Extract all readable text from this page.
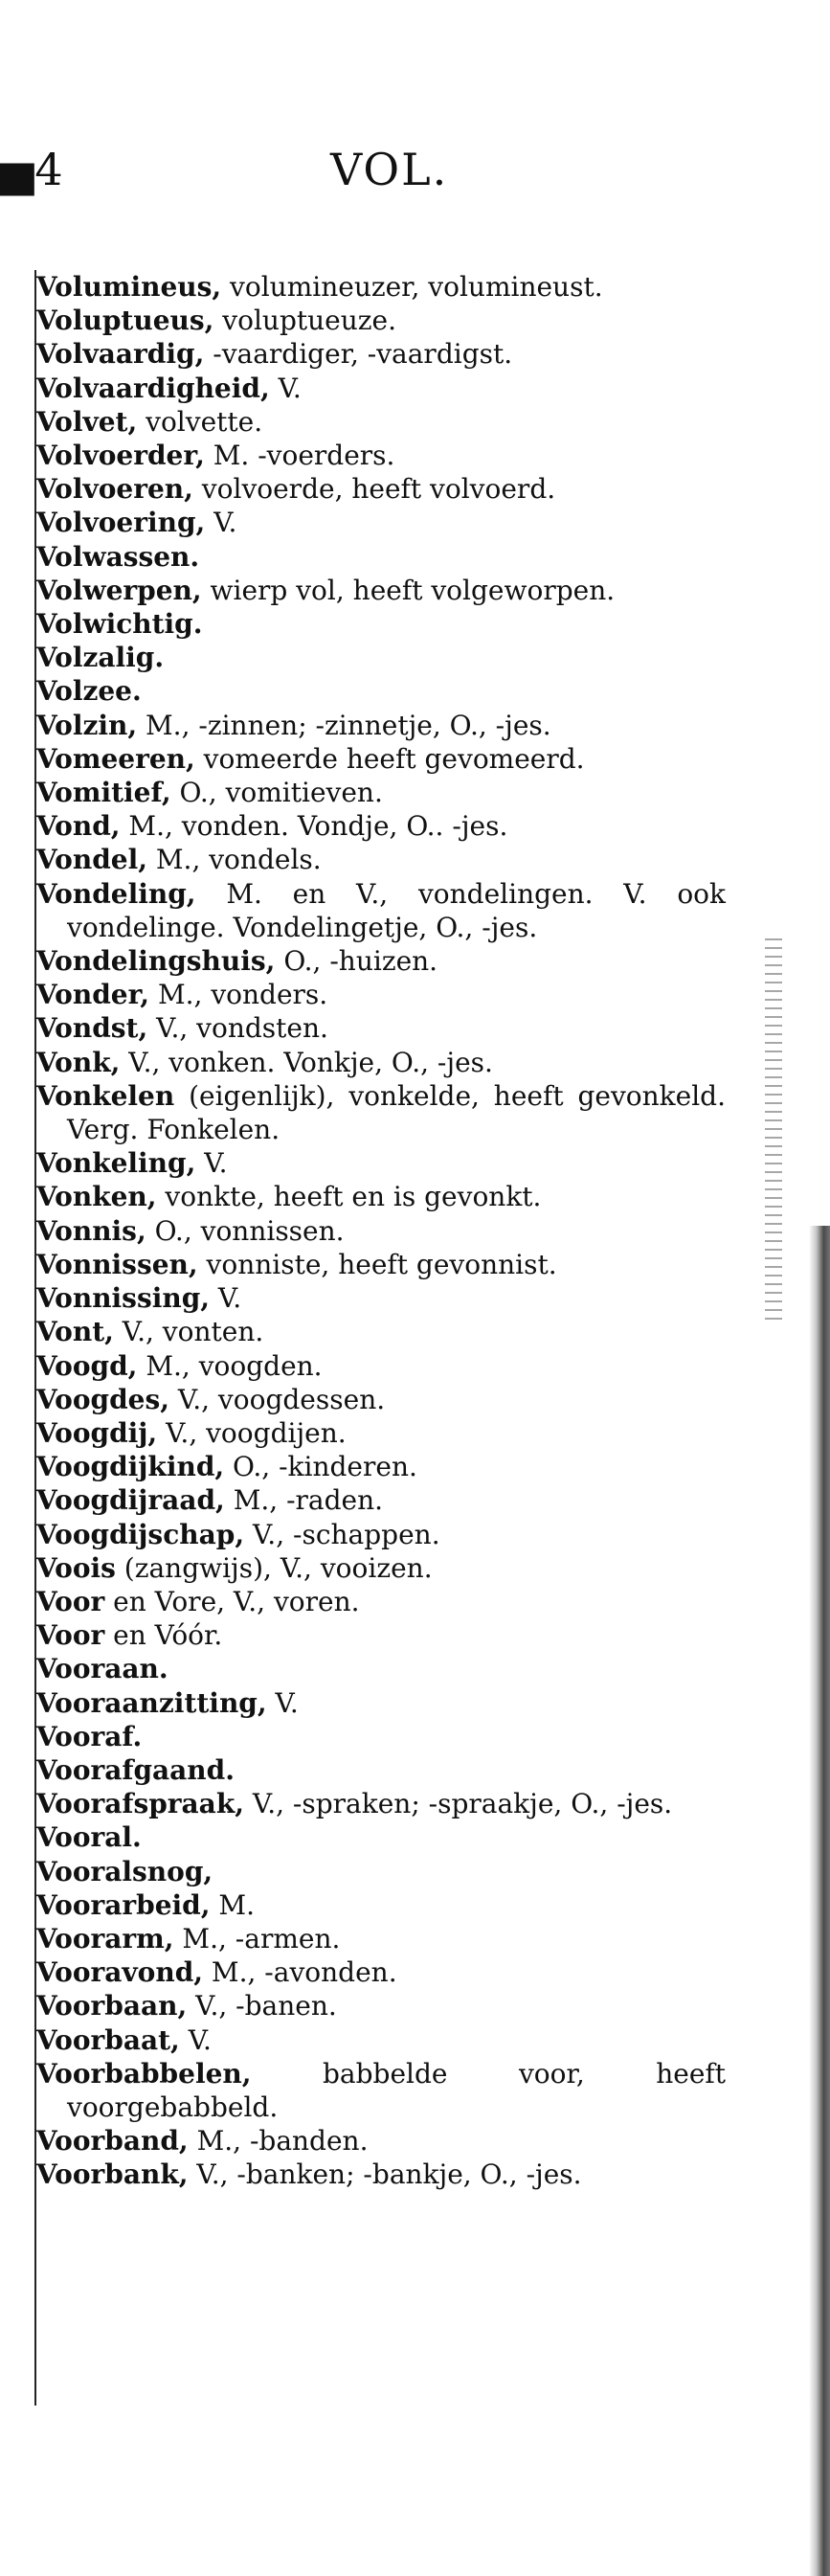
▅4	VOL.
Volumineus, volumineuzer, volumineust.
Voluptueus, voluptueuze.
Volvaardig, -vaardiger, -vaardigst.
Volvaardigheid, V.
Volvet, volvette.
Volvoerder, M. -voerders.
Volvoeren, volvoerde, heeft volvoerd.
Volvoering, V.
Volwassen.
Volwerpen, wierp vol, heeft volgeworpen.
Volwichtig.
Volzalig.
Volzee.
Volzin, M., -zinnen; -zinnetje, O., -jes.
Vomeeren, vomeerde heeft gevomeerd.
Vomitief, O., vomitieven.
Vond, M., vonden. Vondje, O.. -jes.
Vondel, M., vondels.
Vondeling, M. en V., vondelingen. V. ook vondelinge. Vondelingetje, O., -jes.
Vondelingshuis, O., -huizen.
Vonder, M., vonders.
Vondst, V., vondsten.
Vonk, V., vonken. Vonkje, O., -jes.
Vonkelen (eigenlijk), vonkelde, heeft gevonkeld. Verg. Fonkelen.
Vonkeling, V.
Vonken, vonkte, heeft en is gevonkt.
Vonnis, O., vonnissen.
Vonnissen, vonniste, heeft gevonnist.
Vonnissing, V.
Vont, V., vonten.
Voogd, M., voogden.
Voogdes, V., voogdessen.
Voogdij, V., voogdijen.
Voogdijkind, O., -kinderen.
Voogdijraad, M., -raden.
Voogdijschap, V., -schappen.
Voois (zangwijs), V., vooizen.
Voor en Vore, V., voren.
Voor en Vóór.
Vooraan.
Vooraanzitting, V.
Vooraf.
Voorafgaand.
Voorafspraak, V., -spraken; -spraakje, O., -jes.
Vooral.
Vooralsnog,
Voorarbeid, M.
Voorarm, M., -armen.
Vooravond, M., -avonden.
Voorbaan, V., -banen.
Voorbaat, V.
Voorbabbelen, babbelde voor, heeft voorgebabbeld.
Voorband, M., -banden.
Voorbank, V., -banken; -bankje, O., -jes.
